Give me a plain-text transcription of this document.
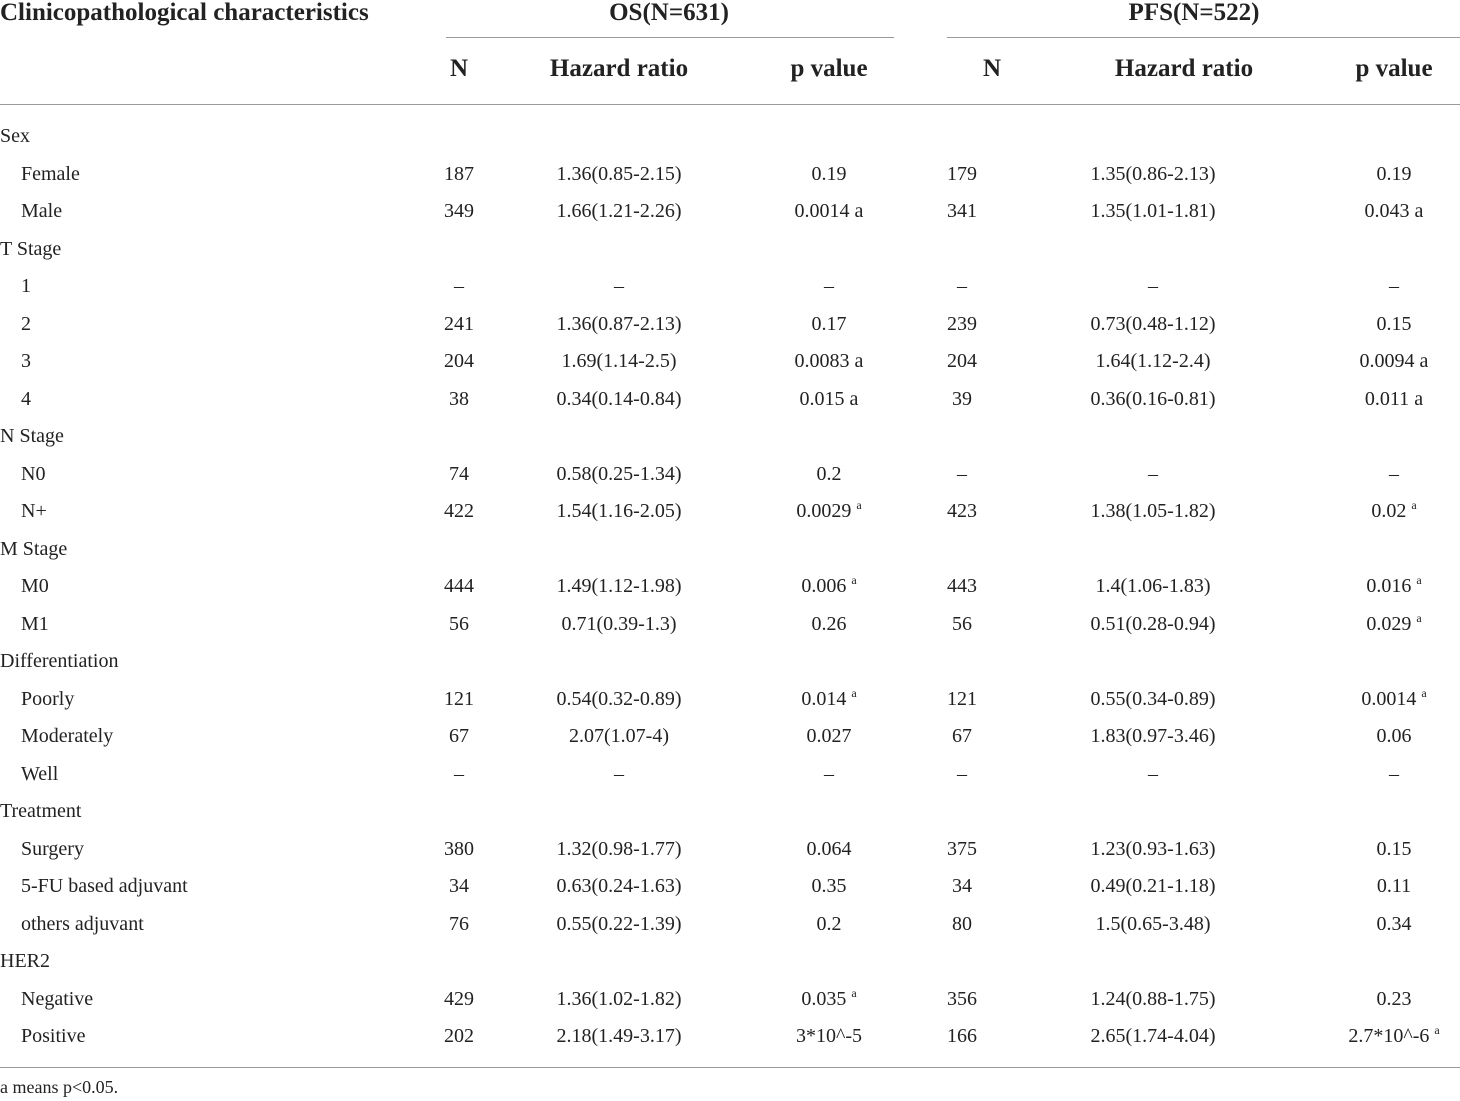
Clinicopathological characteristics	OS(N=631)	PFS(N=522)
N	Hazard ratio	p value	N	Hazard ratio	p value
Sex
Female	187	1.36(0.85-2.15)	0.19	179	1.35(0.86-2.13)	0.19
Male	349	1.66(1.21-2.26)	0.0014 a	341	1.35(1.01-1.81)	0.043 a
T Stage
1	–	–	–	–	–	–
2	241	1.36(0.87-2.13)	0.17	239	0.73(0.48-1.12)	0.15
3	204	1.69(1.14-2.5)	0.0083 a	204	1.64(1.12-2.4)	0.0094 a
4	38	0.34(0.14-0.84)	0.015 a	39	0.36(0.16-0.81)	0.011 a
N Stage
N0	74	0.58(0.25-1.34)	0.2	–	–	–
N+	422	1.54(1.16-2.05)	0.0029 $^a$	423	1.38(1.05-1.82)	0.02 $^a$
M Stage
M0	444	1.49(1.12-1.98)	0.006 $^a$	443	1.4(1.06-1.83)	0.016 $^a$
M1	56	0.71(0.39-1.3)	0.26	56	0.51(0.28-0.94)	0.029 $^a$
Differentiation
Poorly	121	0.54(0.32-0.89)	0.014 $^a$	121	0.55(0.34-0.89)	0.0014 $^a$
Moderately	67	2.07(1.07-4)	0.027	67	1.83(0.97-3.46)	0.06
Well	–	–	–	–	–	–
Treatment
Surgery	380	1.32(0.98-1.77)	0.064	375	1.23(0.93-1.63)	0.15
5-FU based adjuvant	34	0.63(0.24-1.63)	0.35	34	0.49(0.21-1.18)	0.11
others adjuvant	76	0.55(0.22-1.39)	0.2	80	1.5(0.65-3.48)	0.34
HER2
Negative	429	1.36(1.02-1.82)	0.035 $^a$	356	1.24(0.88-1.75)	0.23
Positive	202	2.18(1.49-3.17)	3*10^-5	166	2.65(1.74-4.04)	2.7*10^-6 $^a$
a means p<0.05.
